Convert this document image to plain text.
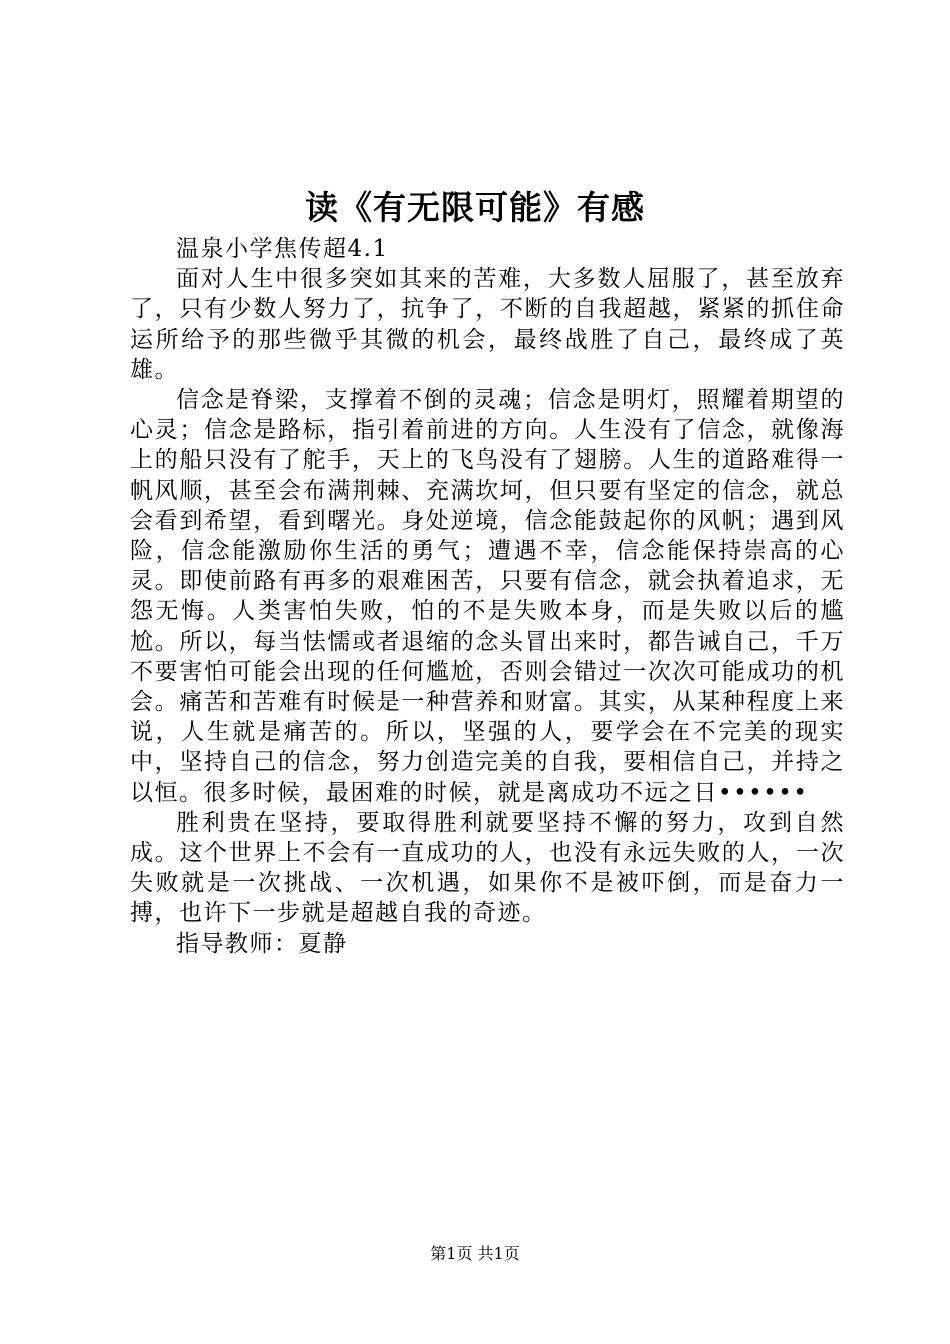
读《有无限可能》有感

温泉小学焦传超4.1

面对人生中很多突如其来的苦难，大多数人屈服了，甚至放弃了，只有少数人努力了，抗争了，不断的自我超越，紧紧的抓住命运所给予的那些微乎其微的机会，最终战胜了自己，最终成了英雄。

信念是脊梁，支撑着不倒的灵魂；信念是明灯，照耀着期望的心灵；信念是路标，指引着前进的方向。人生没有了信念，就像海上的船只没有了舵手，天上的飞鸟没有了翅膀。人生的道路难得一帆风顺，甚至会布满荆棘、充满坎坷，但只要有坚定的信念，就总会看到希望，看到曙光。身处逆境，信念能鼓起你的风帆；遇到风险，信念能激励你生活的勇气；遭遇不幸，信念能保持崇高的心灵。即使前路有再多的艰难困苦，只要有信念，就会执着追求，无怨无悔。人类害怕失败，怕的不是失败本身，而是失败以后的尴尬。所以，每当怯懦或者退缩的念头冒出来时，都告诫自己，千万不要害怕可能会出现的任何尴尬，否则会错过一次次可能成功的机会。痛苦和苦难有时候是一种营养和财富。其实，从某种程度上来说，人生就是痛苦的。所以，坚强的人，要学会在不完美的现实中，坚持自己的信念，努力创造完美的自我，要相信自己，并持之以恒。很多时候，最困难的时候，就是离成功不远之日••••••

胜利贵在坚持，要取得胜利就要坚持不懈的努力，攻到自然成。这个世界上不会有一直成功的人，也没有永远失败的人，一次失败就是一次挑战、一次机遇，如果你不是被吓倒，而是奋力一搏，也许下一步就是超越自我的奇迹。

指导教师：夏静

第1页 共1页
